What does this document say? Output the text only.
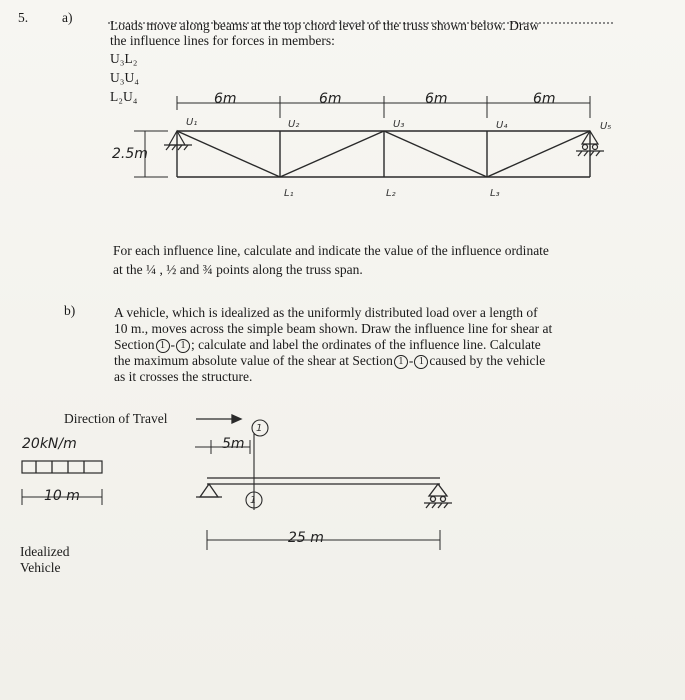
5.	a)
Loads move along beams at the top chord level of the truss shown below. Draw
the influence lines for forces in members:
U₃L₂
U₃U₄
L₂U₄	6m	6m	6m	6m
U₁	U₂	U₃	U₄	U₅
L₁	L₂	L₃
2.5m
For each influence line, calculate and indicate the value of the influence ordinate
at the ¼ , ½ and ¾ points along the truss span.
b)	A vehicle, which is idealized as the uniformly distributed load over a length of
10 m., moves across the simple beam shown. Draw the influence line for shear at
Section 1 - 1 ; calculate and label the ordinates of the influence line. Calculate
the maximum absolute value of the shear at Section 1 - 1 caused by the vehicle
as it crosses the structure.
Direction of Travel
20kN/m
10 m
5m
25 m
1
1
Idealized
Vehicle
